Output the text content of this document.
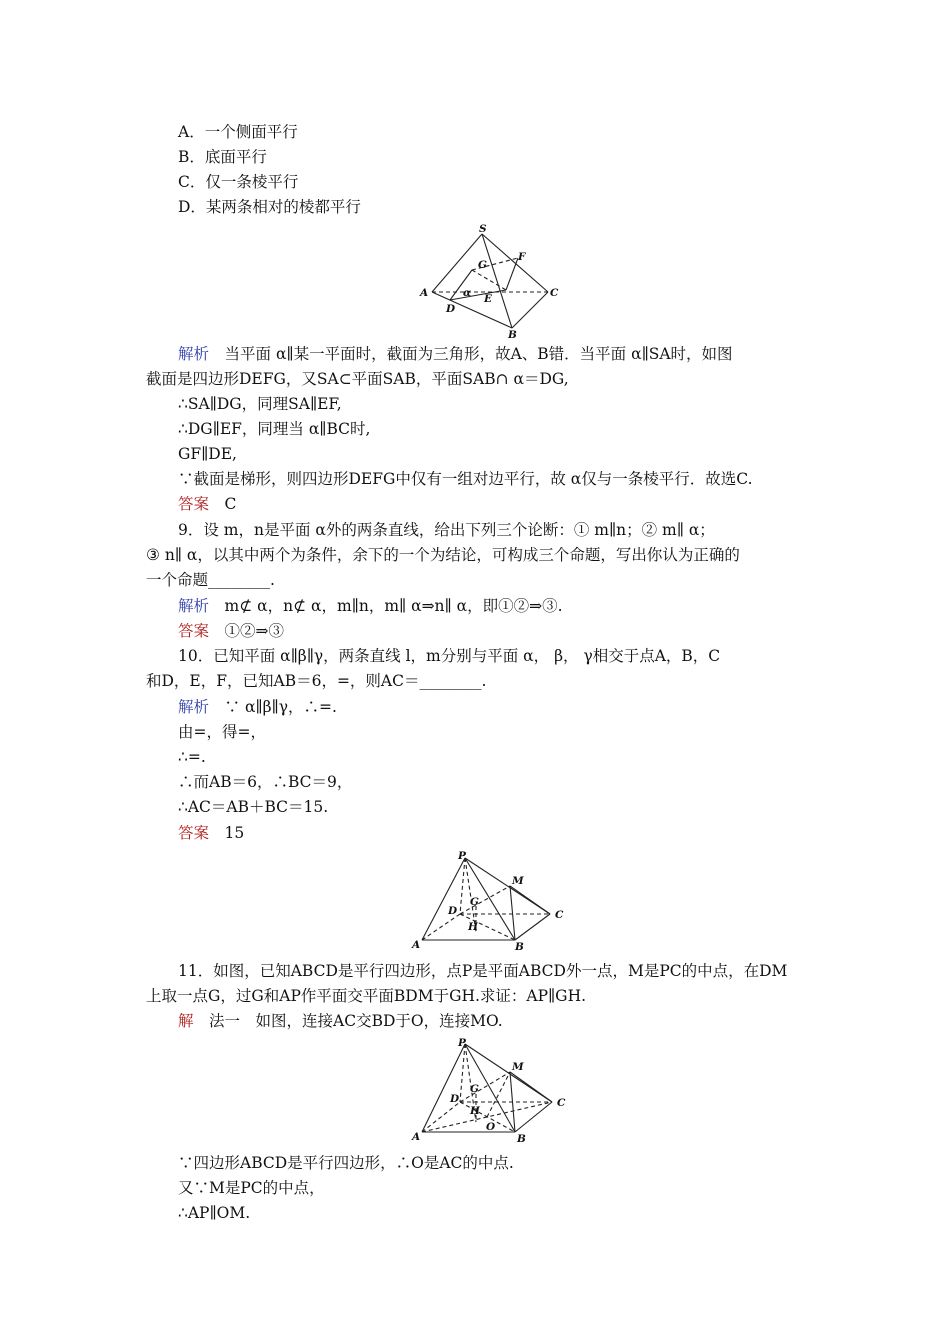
A．一个侧面平行
B．底面平行
C．仅一条棱平行
D．某两条相对的棱都平行
S
F
G
A	α E	C
D
B
解析　 当平面 α∥某一平面时，截面为三角形，故A、B错．当平面 α∥SA时，如图
截面是四边形DEFG，又SA⊂平面SAB，平面SAB∩ α＝DG,
∴SA∥DG，同理SA∥EF,
∴DG∥EF，同理当 α∥BC时,
GF∥DE,
∵截面是梯形，则四边形DEFG中仅有一组对边平行，故 α仅与一条棱平行．故选C.
答案　 C
9．设 m，n是平面 α外的两条直线，给出下列三个论断：① m∥n；② m∥ α；
③ n∥ α，以其中两个为条件，余下的一个为结论，可构成三个命题，写出你认为正确的
一个命题________.
解析　 m⊄ α，n⊄ α，m∥n，m∥ α⇒n∥ α，即①②⇒③.
答案　 ①②⇒③
10．已知平面 α∥β∥γ，两条直线 l，m分别与平面 α， β， γ相交于点A，B，C
和D，E，F，已知AB＝6，=，则AC＝________.
解析　 ∵ α∥β∥γ，∴=.
由=，得=，
∴=.
∴而AB＝6，∴BC＝9，
∴AC＝AB＋BC＝15.
答案　 15
P
M
G
D	C
H
A	B
11．如图，已知ABCD是平行四边形，点P是平面ABCD外一点，M是PC的中点，在DM
上取一点G，过G和AP作平面交平面BDM于GH.求证：AP∥GH.
解　 法一　如图，连接AC交BD于O，连接MO.
P
M
G
D	C
H
O
A	B
∵四边形ABCD是平行四边形，∴O是AC的中点.
又∵M是PC的中点，
∴AP∥OM.
